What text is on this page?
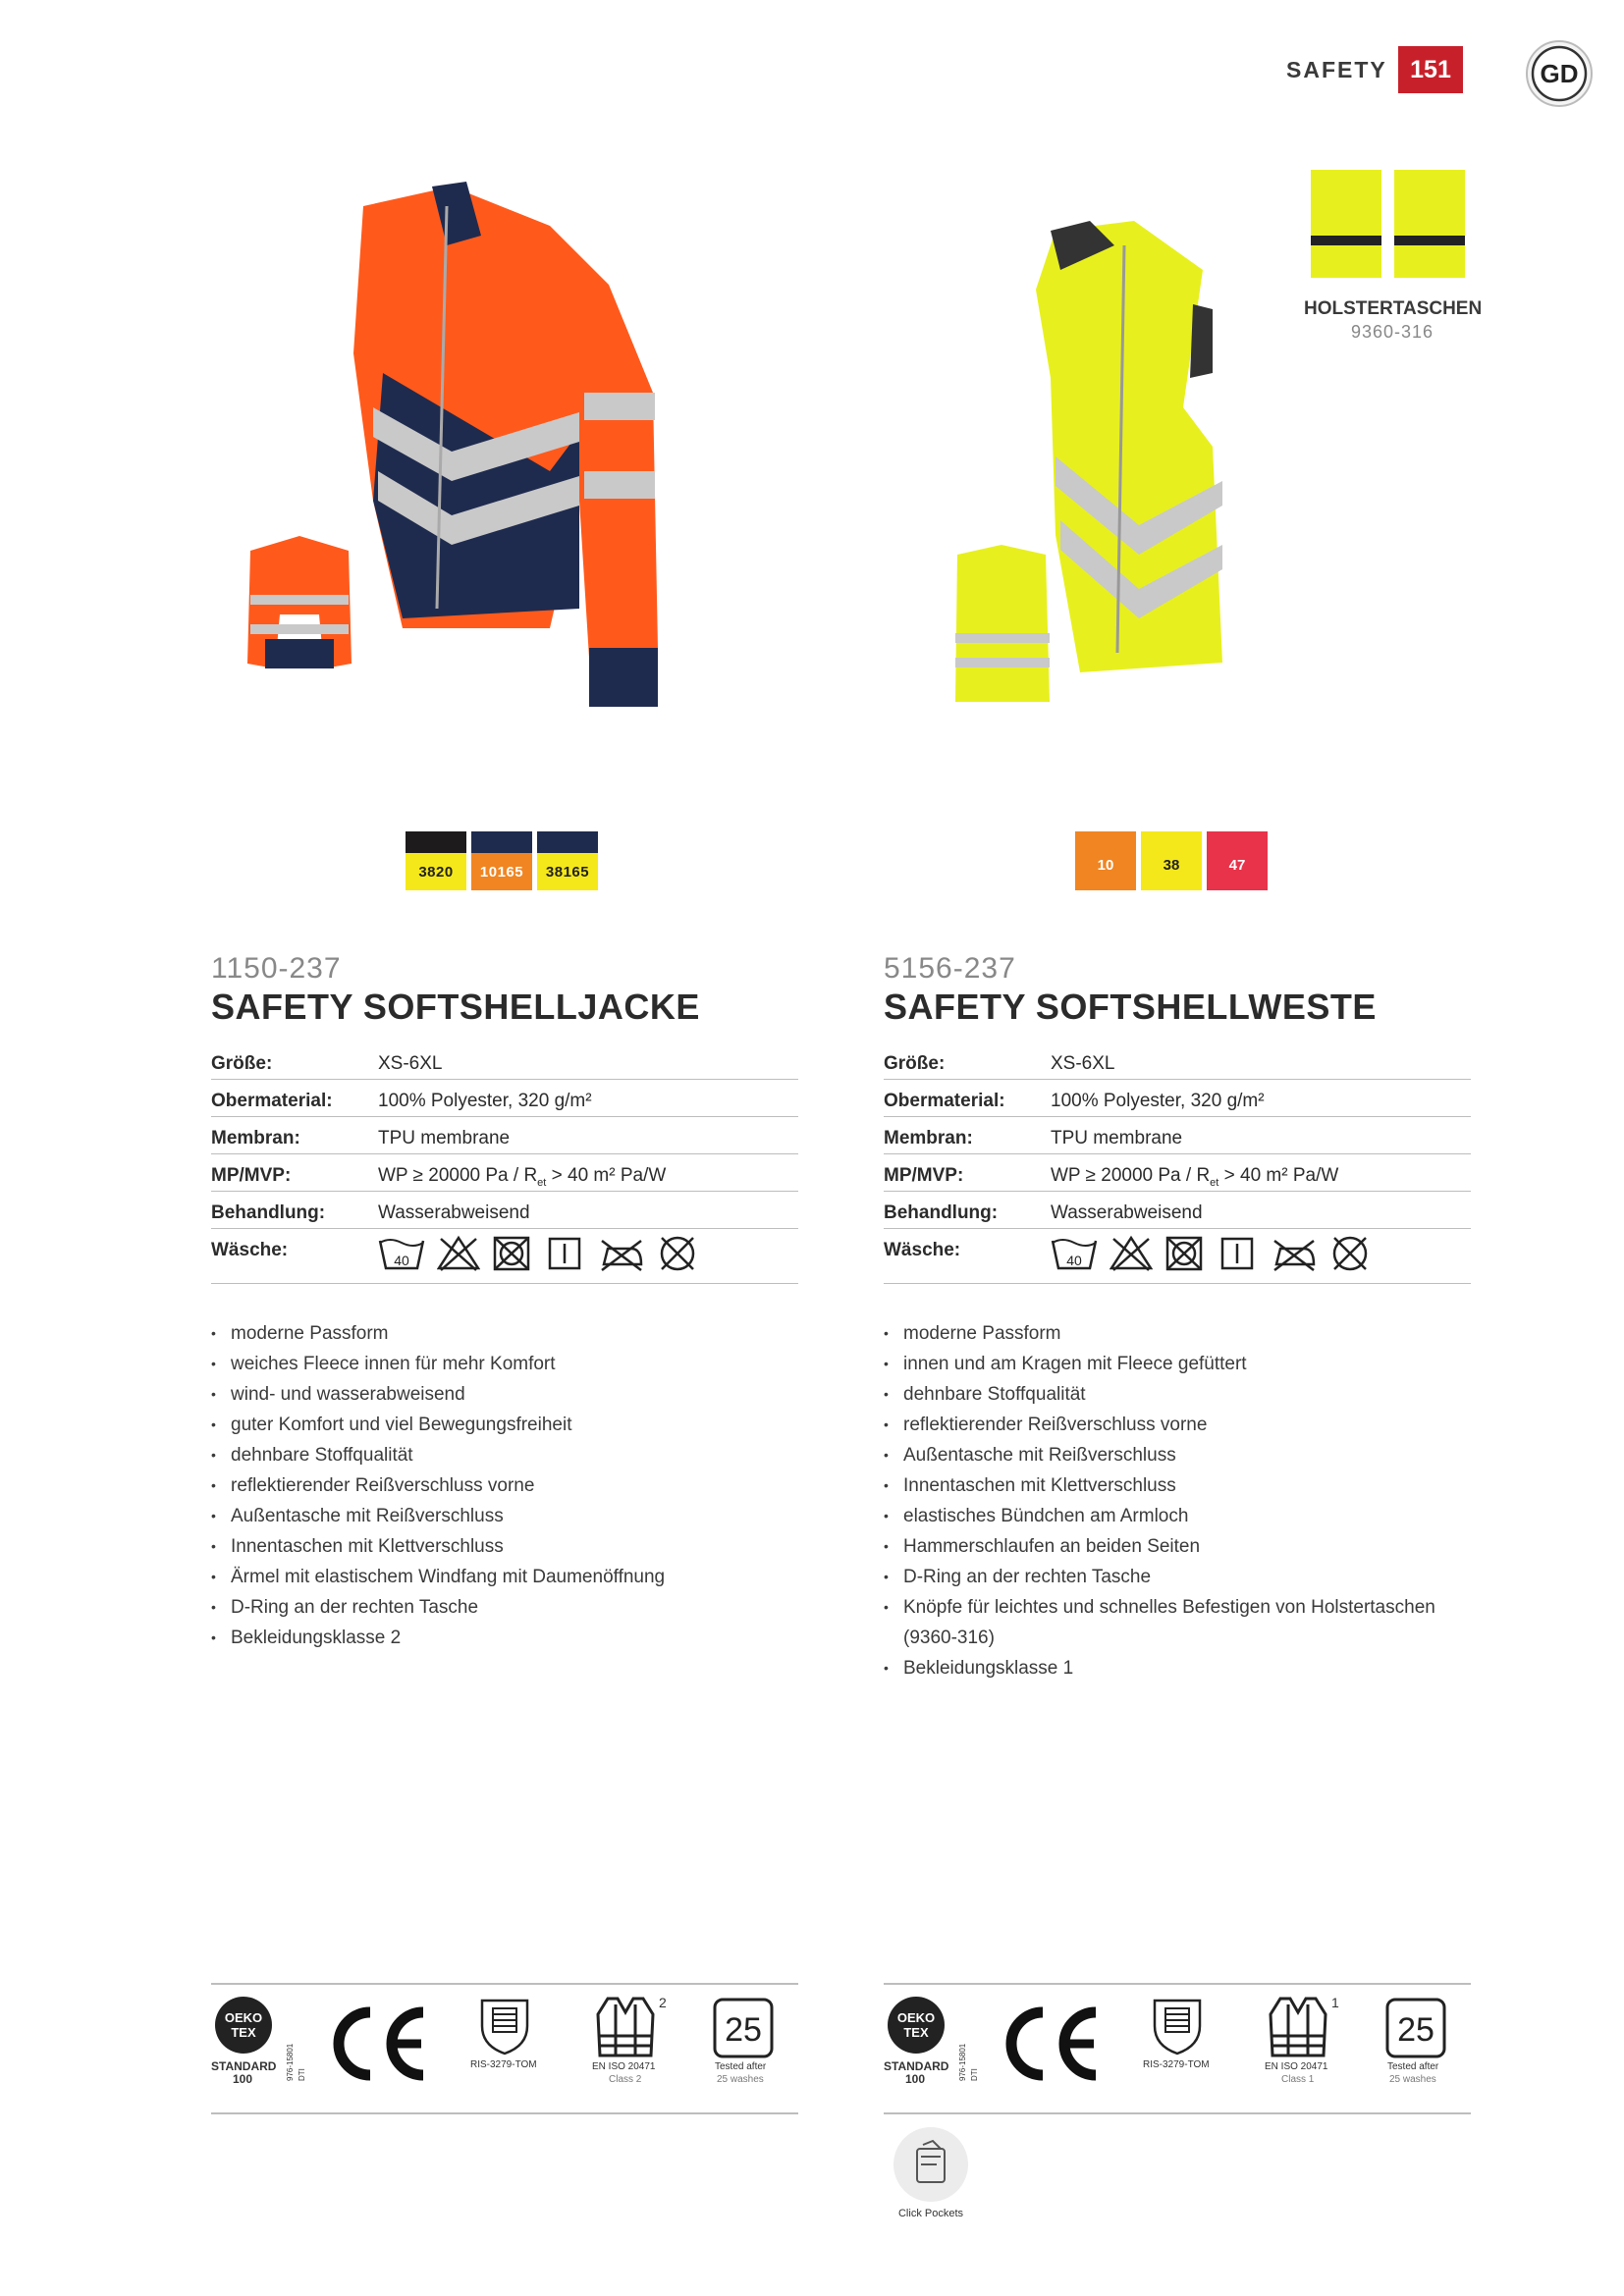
SAFETY 151	GD
HOLSTERTASCHEN
9360-316
3820	10165	38165	10	38	47
1150-237
SAFETY SOFTSHELLJACKE
Größe:	XS-6XL
Obermaterial: 100% Polyester, 320 g/m²
Membran:	TPU membrane
MP/MVP:	WP ≥ 20000 $Pa / R_{et} > 40$ m² Pa/W
Behandlung:	Wasserabweisend
Wäsche:	40
• moderne Passform
• weiches Fleece innen für mehr Komfort
• wind- und wasserabweisend
• guter Komfort und viel Bewegungsfreiheit
• dehnbare Stoffqualität
• reflektierender Reißverschluss vorne
• Außentasche mit Reißverschluss
• Innentaschen mit Klettverschluss
• Ärmel mit elastischem Windfang mit Daumenöffnung
• D-Ring an der rechten Tasche
• Bekleidungsklasse 2
OEKO
TEX
STANDARD
100	976-15801 DTI
RIS-3279-TOM
2
EN ISO 20471
Class 2
25
Tested after
25 washes
5156-237
SAFETY SOFTSHELLWESTE
Größe:	XS-6XL
Obermaterial: 100% Polyester, 320 g/m²
Membran:	TPU membrane
MP/MVP:	WP ≥ 20000 $Pa / R_{et} > 40$ m² Pa/W
Behandlung:	Wasserabweisend
Wäsche:	40
• moderne Passform
• innen und am Kragen mit Fleece gefüttert
• dehnbare Stoffqualität
• reflektierender Reißverschluss vorne
• Außentasche mit Reißverschluss
• Innentaschen mit Klettverschluss
• elastisches Bündchen am Armloch
• Hammerschlaufen an beiden Seiten
• D-Ring an der rechten Tasche
• Knöpfe für leichtes und schnelles Befestigen von Holstertaschen (9360-316)
• Bekleidungsklasse 1
OEKO
TEX
STANDARD
100	976-15801 DTI
RIS-3279-TOM
1
EN ISO 20471
Class 1
25
Tested after
25 washes
Click Pockets
